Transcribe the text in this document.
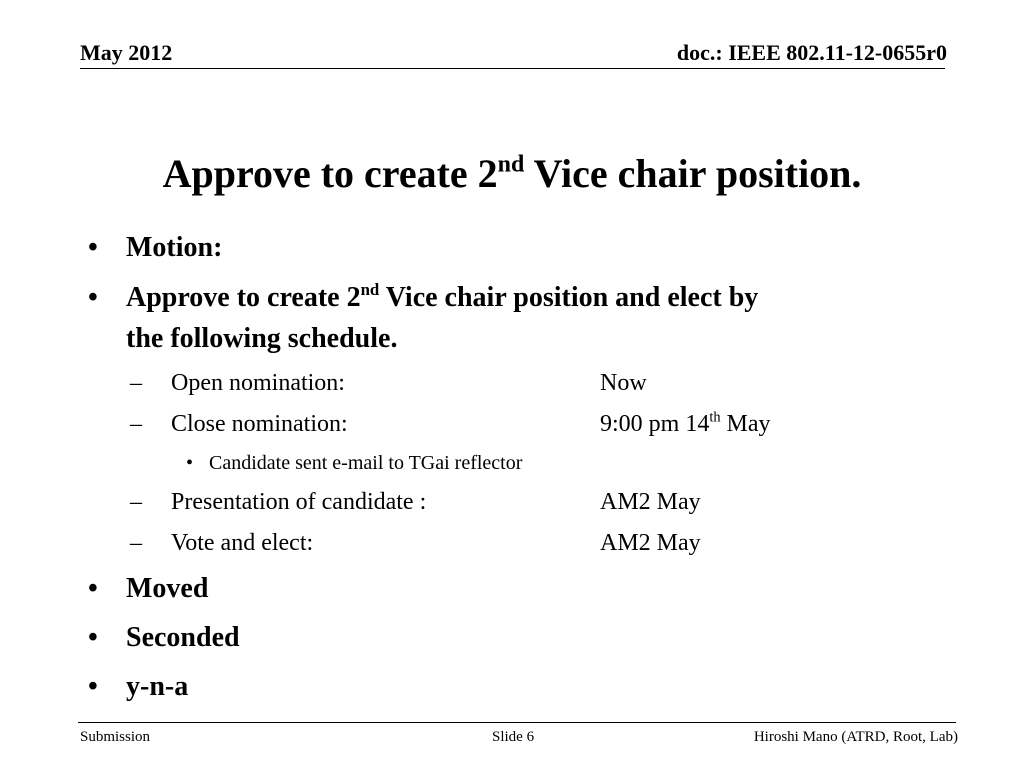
May 2012	doc.: IEEE 802.11-12-0655r0
Approve to create 2nd Vice chair position.
• Motion:
• Approve to create 2nd Vice chair position and elect by
the following schedule.
– Open nomination:	Now
– Close nomination:	9:00 pm 14th May
• Candidate sent e-mail to TGai reflector
– Presentation of candidate :	AM2 May
– Vote and elect:	AM2 May
• Moved
• Seconded
• y-n-a
Submission	Slide 6	Hiroshi Mano (ATRD, Root, Lab)
